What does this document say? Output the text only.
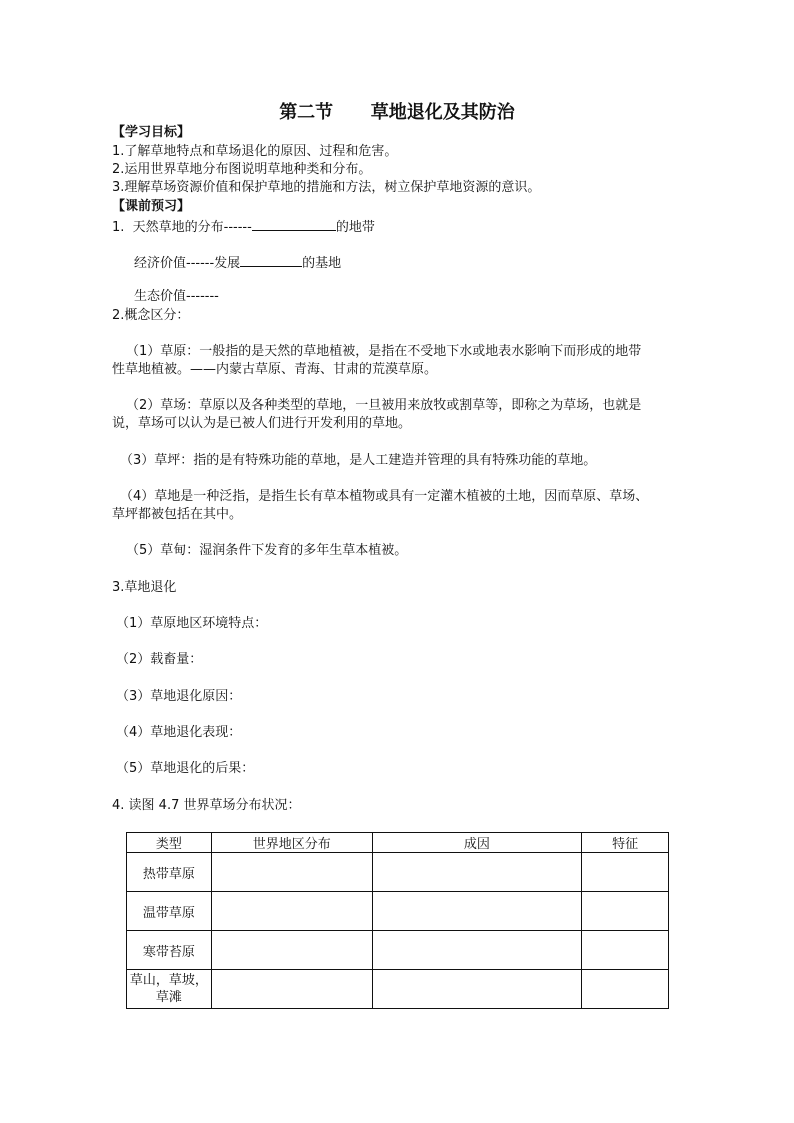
第二节      草地退化及其防治
【学习目标】
1.了解草地特点和草场退化的原因、过程和危害。
2.运用世界草地分布图说明草地种类和分布。
3.理解草场资源价值和保护草地的措施和方法，树立保护草地资源的意识。
【课前预习】
1.  天然草地的分布------	的地带
经济价值------发展	的基地
生态价值-------
2.概念区分：
（1）草原：一般指的是天然的草地植被，是指在不受地下水或地表水影响下而形成的地带
性草地植被。——内蒙古草原、青海、甘肃的荒漠草原。
（2）草场：草原以及各种类型的草地，一旦被用来放牧或割草等，即称之为草场，也就是
说，草场可以认为是已被人们进行开发利用的草地。
（3）草坪：指的是有特殊功能的草地，是人工建造并管理的具有特殊功能的草地。
（4）草地是一种泛指，是指生长有草本植物或具有一定灌木植被的土地，因而草原、草场、
草坪都被包括在其中。
（5）草甸：湿润条件下发育的多年生草本植被。
3.草地退化
（1）草原地区环境特点：
（2）载畜量：
（3）草地退化原因：
（4）草地退化表现：
（5）草地退化的后果：
4. 读图 4.7 世界草场分布状况：
类型	世界地区分布	成因	特征
热带草原			
温带草原			
寒带苔原			
草山，草坡，草滩			
